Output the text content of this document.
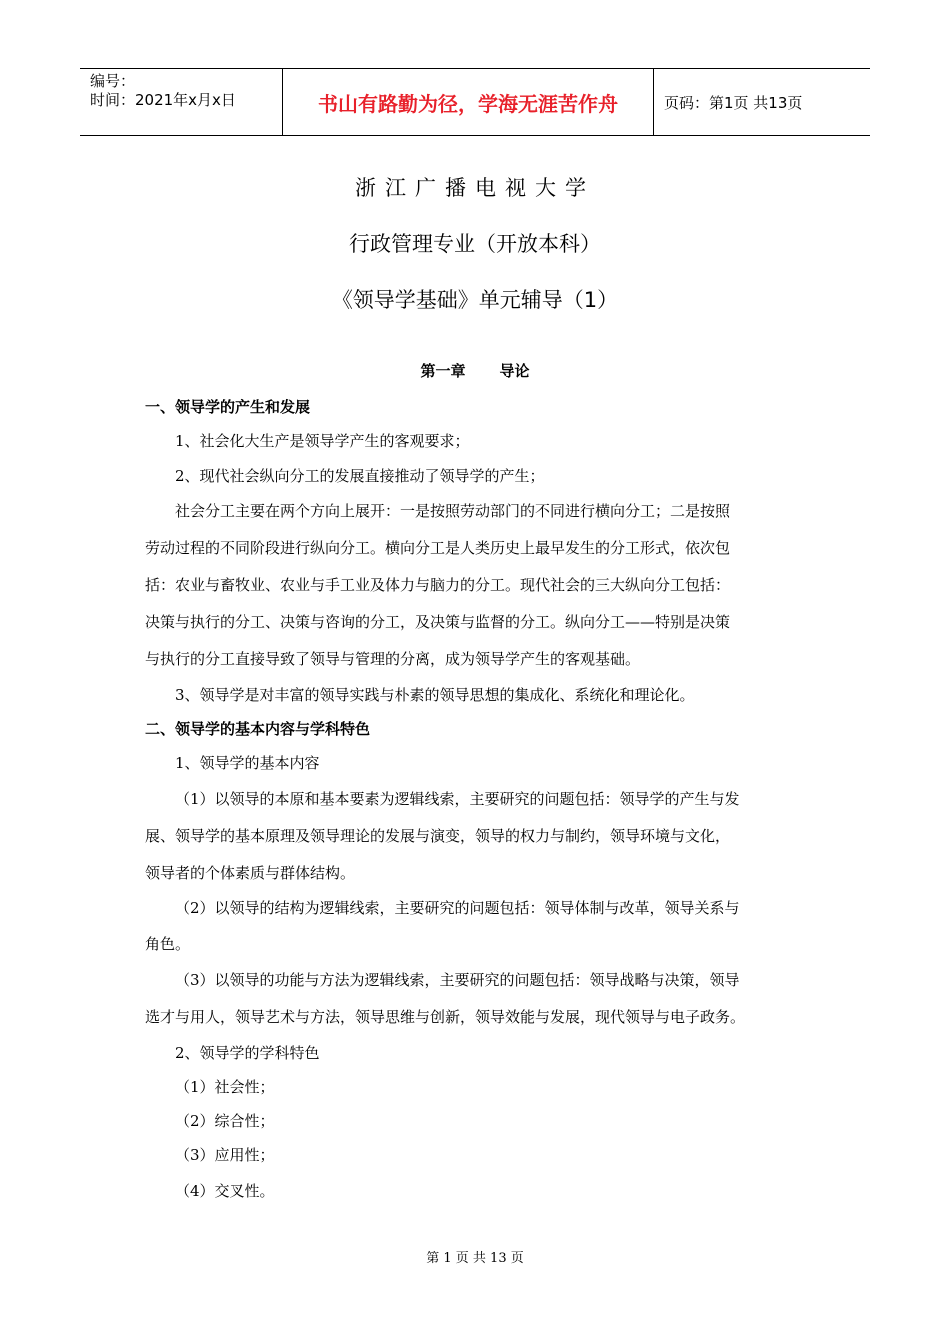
编号：
时间：2021年x月x日	书山有路勤为径，学海无涯苦作舟	页码：第1页 共13页
浙江广播电视大学
行政管理专业（开放本科）
《领导学基础》单元辅导（1）
第一章 导论
一、领导学的产生和发展
1、社会化大生产是领导学产生的客观要求；
2、现代社会纵向分工的发展直接推动了领导学的产生；
社会分工主要在两个方向上展开：一是按照劳动部门的不同进行横向分工；二是按照
劳动过程的不同阶段进行纵向分工。横向分工是人类历史上最早发生的分工形式，依次包
括：农业与畜牧业、农业与手工业及体力与脑力的分工。现代社会的三大纵向分工包括：
决策与执行的分工、决策与咨询的分工，及决策与监督的分工。纵向分工——特别是决策
与执行的分工直接导致了领导与管理的分离，成为领导学产生的客观基础。
3、领导学是对丰富的领导实践与朴素的领导思想的集成化、系统化和理论化。
二、领导学的基本内容与学科特色
1、领导学的基本内容
（1）以领导的本原和基本要素为逻辑线索，主要研究的问题包括：领导学的产生与发
展、领导学的基本原理及领导理论的发展与演变，领导的权力与制约，领导环境与文化，
领导者的个体素质与群体结构。
（2）以领导的结构为逻辑线索，主要研究的问题包括：领导体制与改革，领导关系与
角色。
（3）以领导的功能与方法为逻辑线索，主要研究的问题包括：领导战略与决策，领导
选才与用人，领导艺术与方法，领导思维与创新，领导效能与发展，现代领导与电子政务。
2、领导学的学科特色
（1）社会性；
（2）综合性；
（3）应用性；
（4）交叉性。
第 1 页 共 13 页
